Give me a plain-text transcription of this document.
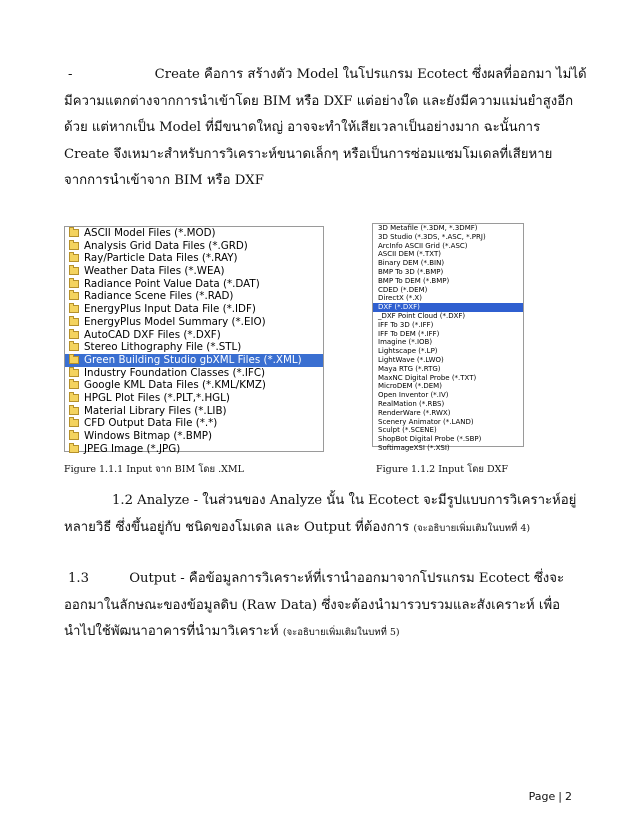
-	Create คือการ สร้างตัว Model ในโปรแกรม Ecotect ซึ่งผลที่ออกมา ไม่ได้

มีความแตกต่างจากการนำเข้าโดย BIM หรือ DXF แต่อย่างใด และยังมีความแม่นยำสูงอีก

ด้วย แต่หากเป็น Model ที่มีขนาดใหญ่ อาจจะทำให้เสียเวลาเป็นอย่างมาก ฉะนั้นการ

Create จึงเหมาะสำหรับการวิเคราะห์ขนาดเล็กๆ หรือเป็นการซ่อมแซมโมเดลที่เสียหาย

จากการนำเข้าจาก BIM หรือ DXF

ASCII Model Files (*.MOD)
Analysis Grid Data Files (*.GRD)
Ray/Particle Data Files (*.RAY)
Weather Data Files (*.WEA)
Radiance Point Value Data (*.DAT)
Radiance Scene Files (*.RAD)
EnergyPlus Input Data File (*.IDF)
EnergyPlus Model Summary (*.EIO)
AutoCAD DXF Files (*.DXF)
Stereo Lithography File (*.STL)
Green Building Studio gbXML Files (*.XML)
Industry Foundation Classes (*.IFC)
Google KML Data Files (*.KML/KMZ)
HPGL Plot Files (*.PLT,*.HGL)
Material Library Files (*.LIB)
CFD Output Data File (*.*)
Windows Bitmap (*.BMP)
JPEG Image (*.JPG)
Figure 1.1.1 Input จาก BIM โดย .XML
3D Metafile (*.3DM, *.3DMF)
3D Studio (*.3DS, *.ASC, *.PRJ)
ArcInfo ASCII Grid (*.ASC)
ASCII DEM (*.TXT)
Binary DEM (*.BIN)
BMP To 3D (*.BMP)
BMP To DEM (*.BMP)
CDED (*.DEM)
DirectX (*.X)
DXF (*.DXF)
_DXF Point Cloud (*.DXF)
IFF To 3D (*.IFF)
IFF To DEM (*.IFF)
Imagine (*.IOB)
Lightscape (*.LP)
LightWave (*.LWO)
Maya RTG (*.RTG)
MaxNC Digital Probe (*.TXT)
MicroDEM (*.DEM)
Open Inventor (*.IV)
RealMation (*.RBS)
RenderWare (*.RWX)
Scenery Animator (*.LAND)
Sculpt (*.SCENE)
ShopBot Digital Probe (*.SBP)
SoftimageXSI (*.XSI)
Figure 1.1.2 Input โดย DXF

1.2 Analyze - ในส่วนของ Analyze นั้น ใน Ecotect จะมีรูปแบบการวิเคราะห์อยู่

หลายวิธี ซึ่งขึ้นอยู่กับ ชนิดของโมเดล และ Output ที่ต้องการ (จะอธิบายเพิ่มเติมในบทที่ 4)

1.3	Output - คือข้อมูลการวิเคราะห์ที่เรานำออกมาจากโปรแกรม Ecotect ซึ่งจะ

ออกมาในลักษณะของข้อมูลดิบ (Raw Data) ซึ่งจะต้องนำมารวบรวมและสังเคราะห์ เพื่อ

นำไปใช้พัฒนาอาคารที่นำมาวิเคราะห์ (จะอธิบายเพิ่มเติมในบทที่ 5)

Page | 2
